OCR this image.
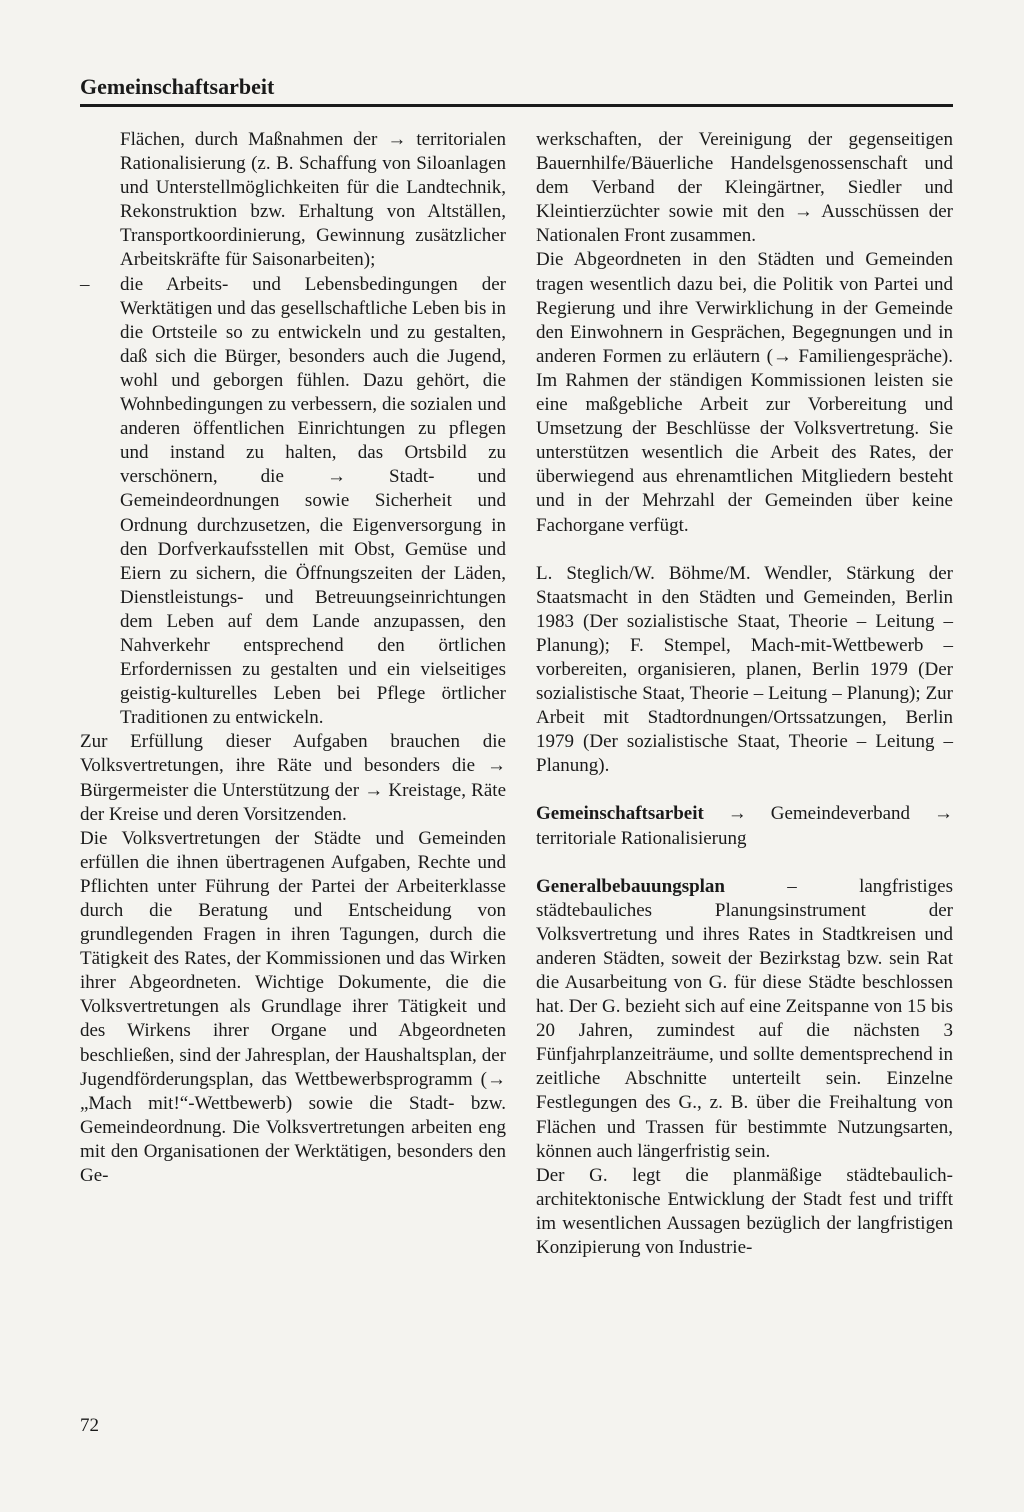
Gemeinschaftsarbeit

Flächen, durch Maßnahmen der → territorialen Rationalisierung (z. B. Schaffung von Siloanlagen und Unterstellmöglichkeiten für die Landtechnik, Rekonstruktion bzw. Erhaltung von Altställen, Transportkoordinierung, Gewinnung zusätzlicher Arbeitskräfte für Saisonarbeiten);

– die Arbeits- und Lebensbedingungen der Werktätigen und das gesellschaftliche Leben bis in die Ortsteile so zu entwickeln und zu gestalten, daß sich die Bürger, besonders auch die Jugend, wohl und geborgen fühlen. Dazu gehört, die Wohnbedingungen zu verbessern, die sozialen und anderen öffentlichen Einrichtungen zu pflegen und instand zu halten, das Ortsbild zu verschönern, die → Stadt- und Gemeindeordnungen sowie Sicherheit und Ordnung durchzusetzen, die Eigenversorgung in den Dorfverkaufsstellen mit Obst, Gemüse und Eiern zu sichern, die Öffnungszeiten der Läden, Dienstleistungs- und Betreuungseinrichtungen dem Leben auf dem Lande anzupassen, den Nahverkehr entsprechend den örtlichen Erfordernissen zu gestalten und ein vielseitiges geistig-kulturelles Leben bei Pflege örtlicher Traditionen zu entwickeln.

Zur Erfüllung dieser Aufgaben brauchen die Volksvertretungen, ihre Räte und besonders die → Bürgermeister die Unterstützung der → Kreistage, Räte der Kreise und deren Vorsitzenden.

Die Volksvertretungen der Städte und Gemeinden erfüllen die ihnen übertragenen Aufgaben, Rechte und Pflichten unter Führung der Partei der Arbeiterklasse durch die Beratung und Entscheidung von grundlegenden Fragen in ihren Tagungen, durch die Tätigkeit des Rates, der Kommissionen und das Wirken ihrer Abgeordneten. Wichtige Dokumente, die die Volksvertretungen als Grundlage ihrer Tätigkeit und des Wirkens ihrer Organe und Abgeordneten beschließen, sind der Jahresplan, der Haushaltsplan, der Jugendförderungsplan, das Wettbewerbsprogramm (→ „Mach mit!“-Wettbewerb) sowie die Stadt- bzw. Gemeindeordnung. Die Volksvertretungen arbeiten eng mit den Organisationen der Werktätigen, besonders den Ge-

werkschaften, der Vereinigung der gegenseitigen Bauernhilfe/Bäuerliche Handelsgenossenschaft und dem Verband der Kleingärtner, Siedler und Kleintierzüchter sowie mit den → Ausschüssen der Nationalen Front zusammen.

Die Abgeordneten in den Städten und Gemeinden tragen wesentlich dazu bei, die Politik von Partei und Regierung und ihre Verwirklichung in der Gemeinde den Einwohnern in Gesprächen, Begegnungen und in anderen Formen zu erläutern (→ Familiengespräche). Im Rahmen der ständigen Kommissionen leisten sie eine maßgebliche Arbeit zur Vorbereitung und Umsetzung der Beschlüsse der Volksvertretung. Sie unterstützen wesentlich die Arbeit des Rates, der überwiegend aus ehrenamtlichen Mitgliedern besteht und in der Mehrzahl der Gemeinden über keine Fachorgane verfügt.

L. Steglich/W. Böhme/M. Wendler, Stärkung der Staatsmacht in den Städten und Gemeinden, Berlin 1983 (Der sozialistische Staat, Theorie – Leitung – Planung); F. Stempel, Mach-mit-Wettbewerb – vorbereiten, organisieren, planen, Berlin 1979 (Der sozialistische Staat, Theorie – Leitung – Planung); Zur Arbeit mit Stadtordnungen/Ortssatzungen, Berlin 1979 (Der sozialistische Staat, Theorie – Leitung – Planung).

Gemeinschaftsarbeit → Gemeindeverband → territoriale Rationalisierung

Generalbebauungsplan – langfristiges städtebauliches Planungsinstrument der Volksvertretung und ihres Rates in Stadtkreisen und anderen Städten, soweit der Bezirkstag bzw. sein Rat die Ausarbeitung von G. für diese Städte beschlossen hat. Der G. bezieht sich auf eine Zeitspanne von 15 bis 20 Jahren, zumindest auf die nächsten 3 Fünfjahrplanzeiträume, und sollte dementsprechend in zeitliche Abschnitte unterteilt sein. Einzelne Festlegungen des G., z. B. über die Freihaltung von Flächen und Trassen für bestimmte Nutzungsarten, können auch längerfristig sein.

Der G. legt die planmäßige städtebaulich-architektonische Entwicklung der Stadt fest und trifft im wesentlichen Aussagen bezüglich der langfristigen Konzipierung von Industrie-

72
